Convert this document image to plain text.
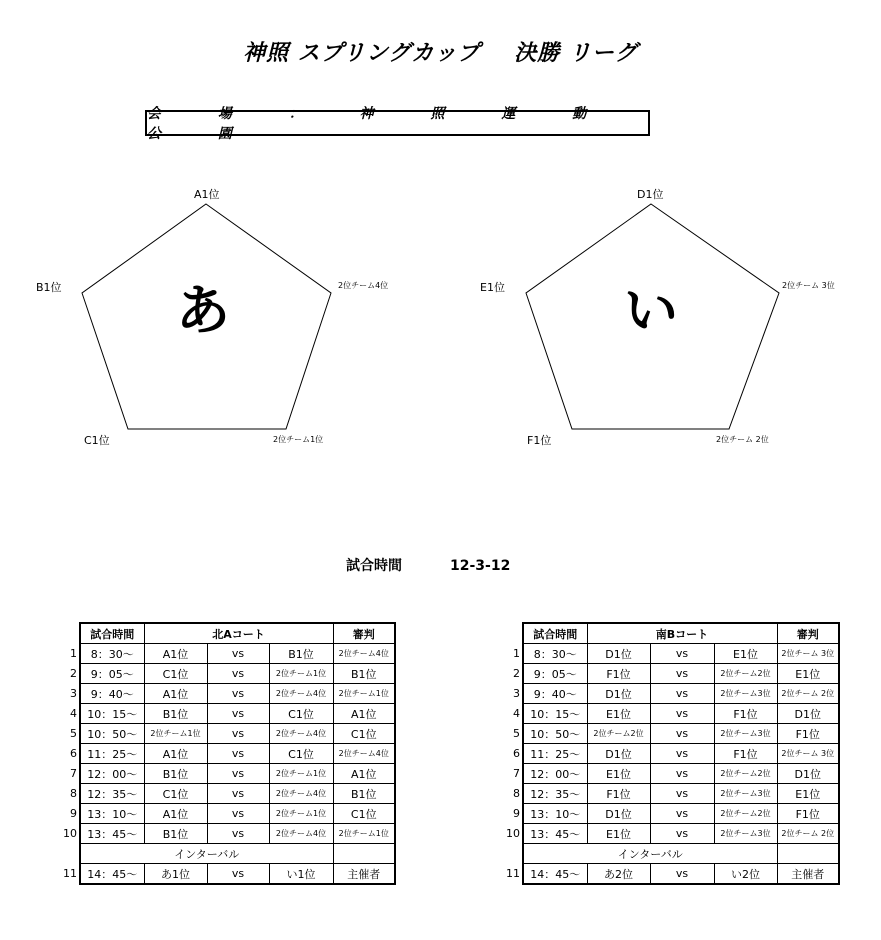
神照 スプリングカップ 決勝 リーグ
会 場 ： 神 照 運 動 公 園
A1位
B1位	2位チーム4位
C1位	2位チーム1位
あ
D1位
E1位	2位チーム 3位
F1位	2位チーム 2位
い
試合時間	12-3-12
	試合時間	北Aコート			審判
1	8：30～	A1位	vs	B1位	2位チーム4位
2	9：05～	C1位	vs	2位チーム1位	B1位
3	9：40～	A1位	vs	2位チーム4位	2位チーム1位
4	10：15～	B1位	vs	C1位	A1位
5	10：50～	2位チーム1位	vs	2位チーム4位	C1位
6	11：25～	A1位	vs	C1位	2位チーム4位
7	12：00～	B1位	vs	2位チーム1位	A1位
8	12：35～	C1位	vs	2位チーム4位	B1位
9	13：10～	A1位	vs	2位チーム1位	C1位
10	13：45～	B1位	vs	2位チーム4位	2位チーム1位
	インターバル				
11	14：45～	あ1位	vs	い1位	主催者
	試合時間	南Bコート			審判
1	8：30～	D1位	vs	E1位	2位チーム 3位
2	9：05～	F1位	vs	2位チーム2位	E1位
3	9：40～	D1位	vs	2位チーム3位	2位チーム 2位
4	10：15～	E1位	vs	F1位	D1位
5	10：50～	2位チーム2位	vs	2位チーム3位	F1位
6	11：25～	D1位	vs	F1位	2位チーム 3位
7	12：00～	E1位	vs	2位チーム2位	D1位
8	12：35～	F1位	vs	2位チーム3位	E1位
9	13：10～	D1位	vs	2位チーム2位	F1位
10	13：45～	E1位	vs	2位チーム3位	2位チーム 2位
	インターバル				
11	14：45～	あ2位	vs	い2位	主催者
